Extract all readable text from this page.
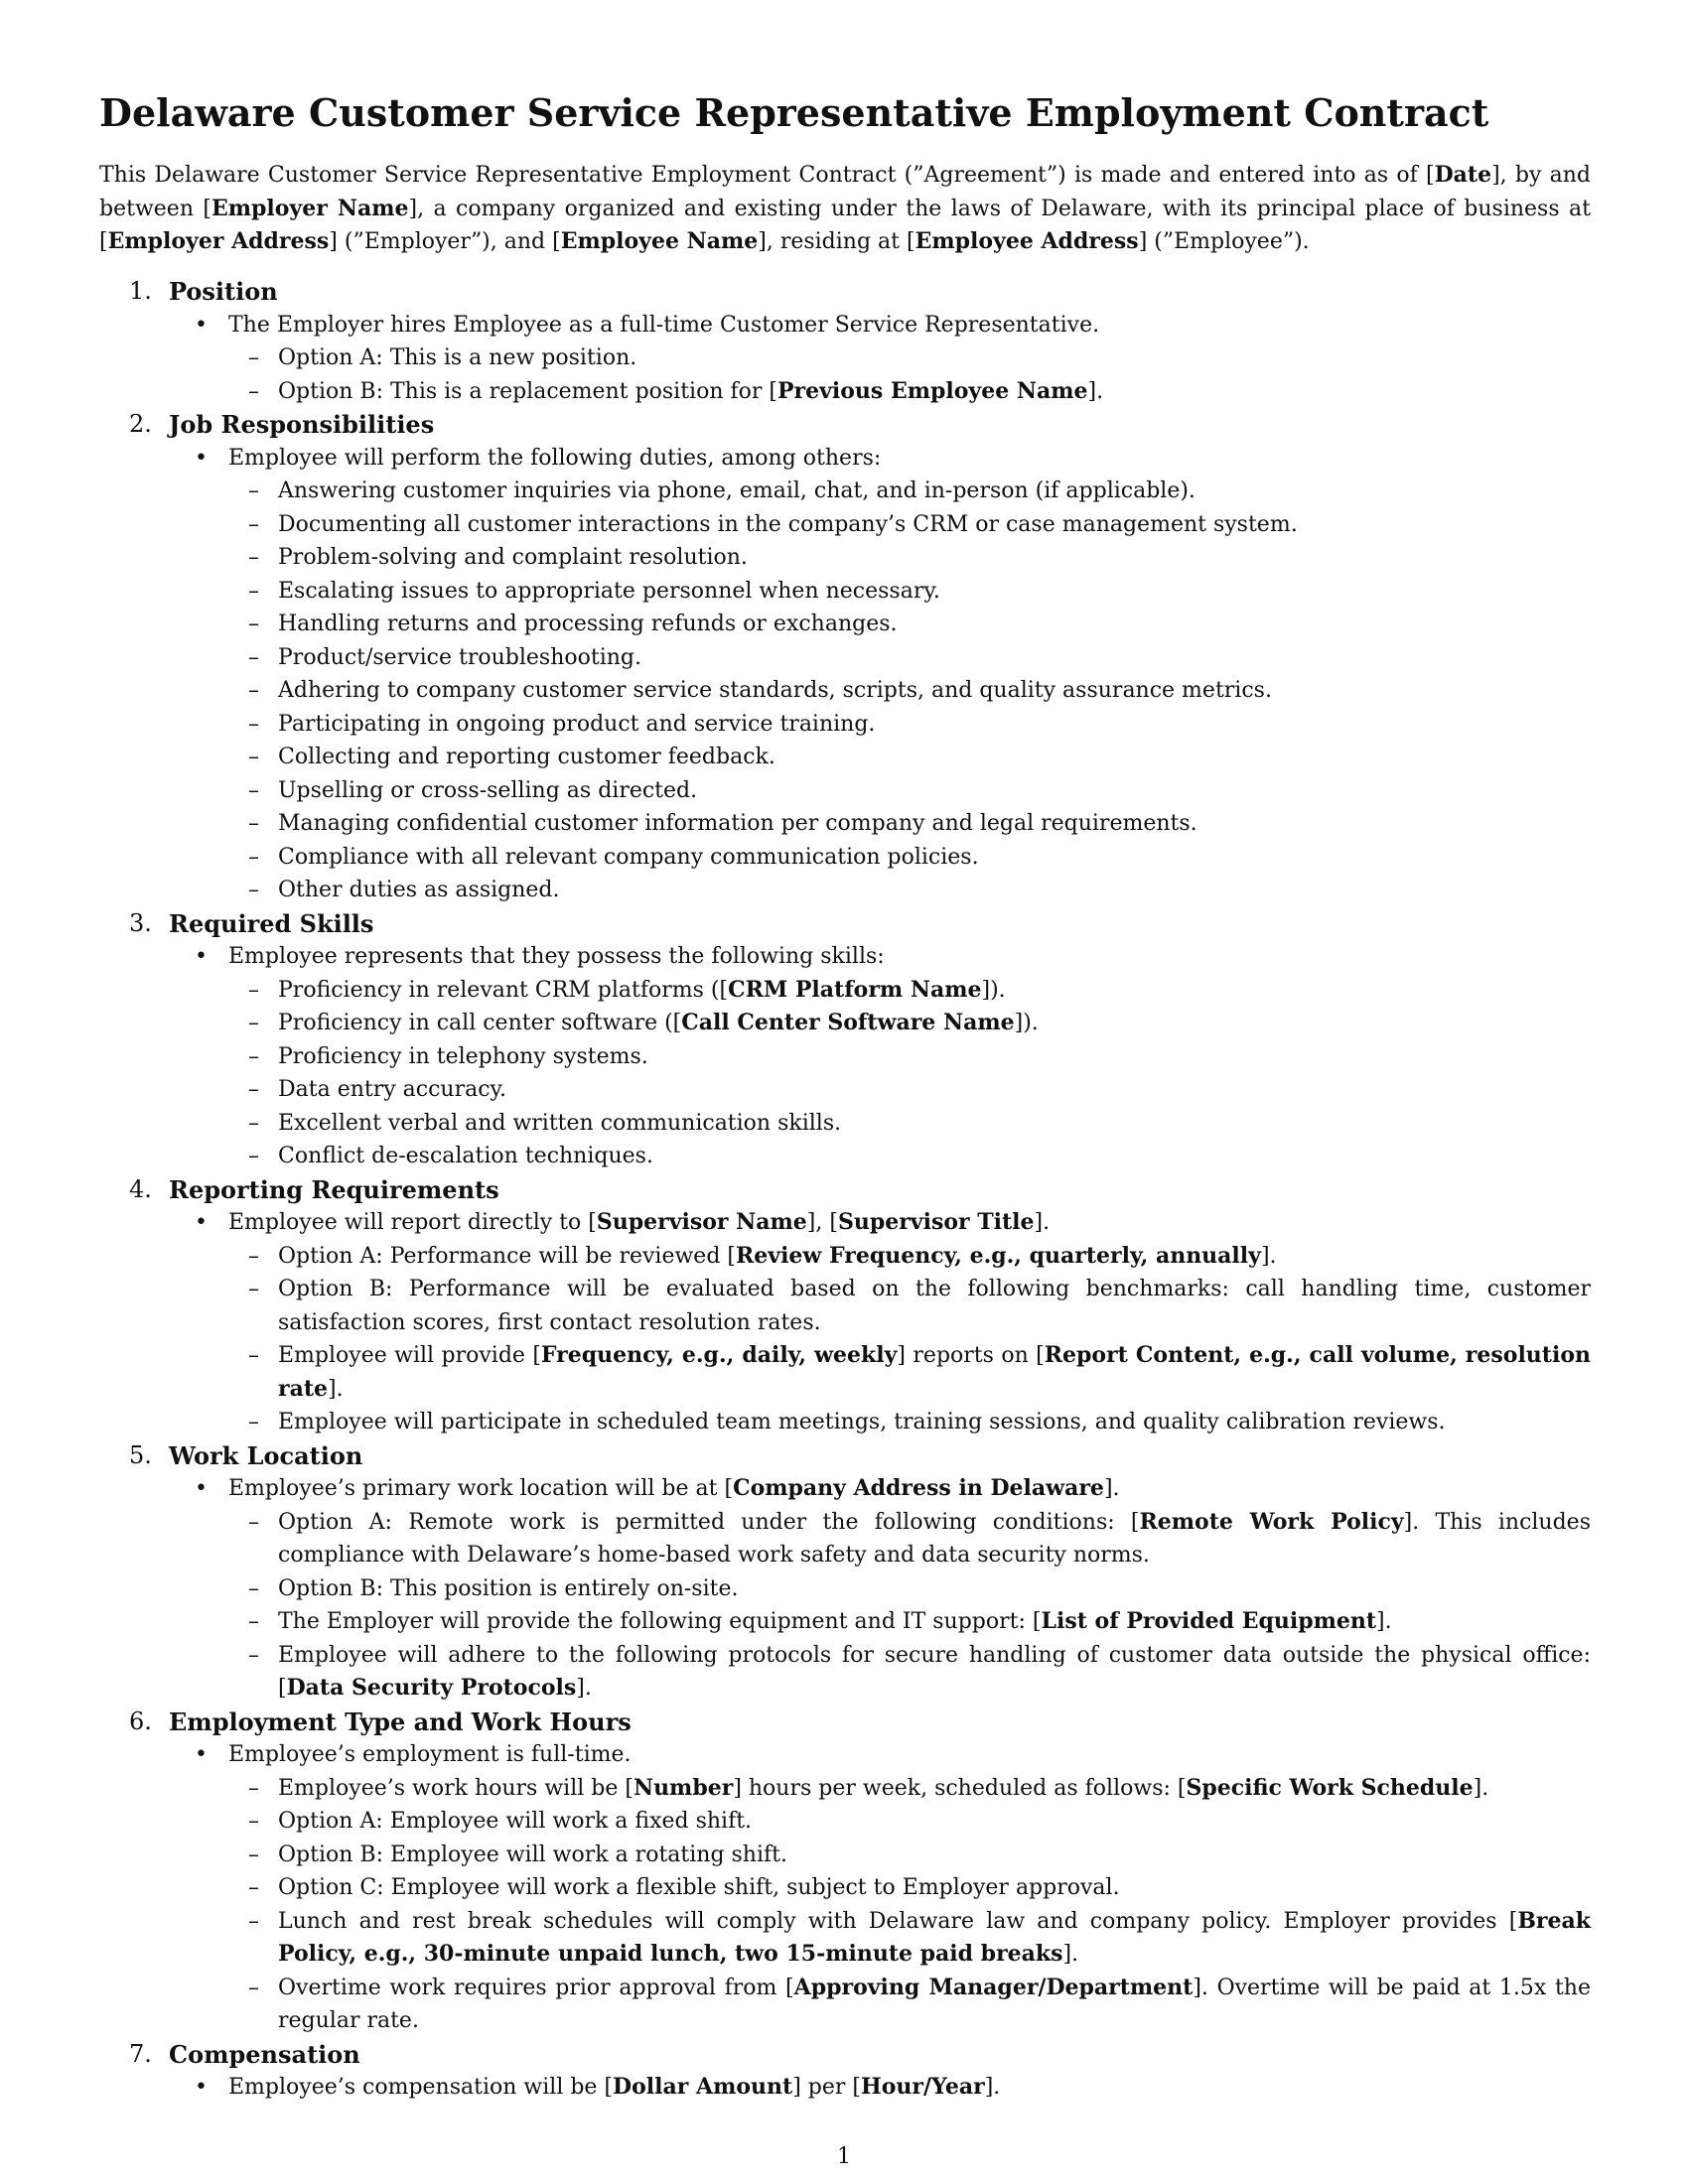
Delaware Customer Service Representative Employment Contract

This Delaware Customer Service Representative Employment Contract (”Agreement”) is made and entered into as of [Date], by and between [Employer Name], a company organized and existing under the laws of Delaware, with its principal place of business at [Employer Address] (”Employer”), and [Employee Name], residing at [Employee Address] (”Employee”).

1. Position
• The Employer hires Employee as a full-time Customer Service Representative.
– Option A: This is a new position.
– Option B: This is a replacement position for [Previous Employee Name].
2. Job Responsibilities
• Employee will perform the following duties, among others:
– Answering customer inquiries via phone, email, chat, and in-person (if applicable).
– Documenting all customer interactions in the company’s CRM or case management system.
– Problem-solving and complaint resolution.
– Escalating issues to appropriate personnel when necessary.
– Handling returns and processing refunds or exchanges.
– Product/service troubleshooting.
– Adhering to company customer service standards, scripts, and quality assurance metrics.
– Participating in ongoing product and service training.
– Collecting and reporting customer feedback.
– Upselling or cross-selling as directed.
– Managing confidential customer information per company and legal requirements.
– Compliance with all relevant company communication policies.
– Other duties as assigned.
3. Required Skills
• Employee represents that they possess the following skills:
– Proficiency in relevant CRM platforms ([CRM Platform Name]).
– Proficiency in call center software ([Call Center Software Name]).
– Proficiency in telephony systems.
– Data entry accuracy.
– Excellent verbal and written communication skills.
– Conflict de-escalation techniques.
4. Reporting Requirements
• Employee will report directly to [Supervisor Name], [Supervisor Title].
– Option A: Performance will be reviewed [Review Frequency, e.g., quarterly, annually].
– Option B: Performance will be evaluated based on the following benchmarks: call handling time, customer satisfaction scores, first contact resolution rates.
– Employee will provide [Frequency, e.g., daily, weekly] reports on [Report Content, e.g., call volume, resolution rate].
– Employee will participate in scheduled team meetings, training sessions, and quality calibration reviews.
5. Work Location
• Employee’s primary work location will be at [Company Address in Delaware].
– Option A: Remote work is permitted under the following conditions: [Remote Work Policy]. This includes compliance with Delaware’s home-based work safety and data security norms.
– Option B: This position is entirely on-site.
– The Employer will provide the following equipment and IT support: [List of Provided Equipment].
– Employee will adhere to the following protocols for secure handling of customer data outside the physical office: [Data Security Protocols].
6. Employment Type and Work Hours
• Employee’s employment is full-time.
– Employee’s work hours will be [Number] hours per week, scheduled as follows: [Specific Work Schedule].
– Option A: Employee will work a fixed shift.
– Option B: Employee will work a rotating shift.
– Option C: Employee will work a flexible shift, subject to Employer approval.
– Lunch and rest break schedules will comply with Delaware law and company policy. Employer provides [Break Policy, e.g., 30-minute unpaid lunch, two 15-minute paid breaks].
– Overtime work requires prior approval from [Approving Manager/Department]. Overtime will be paid at 1.5x the regular rate.
7. Compensation
• Employee’s compensation will be [Dollar Amount] per [Hour/Year].
1
